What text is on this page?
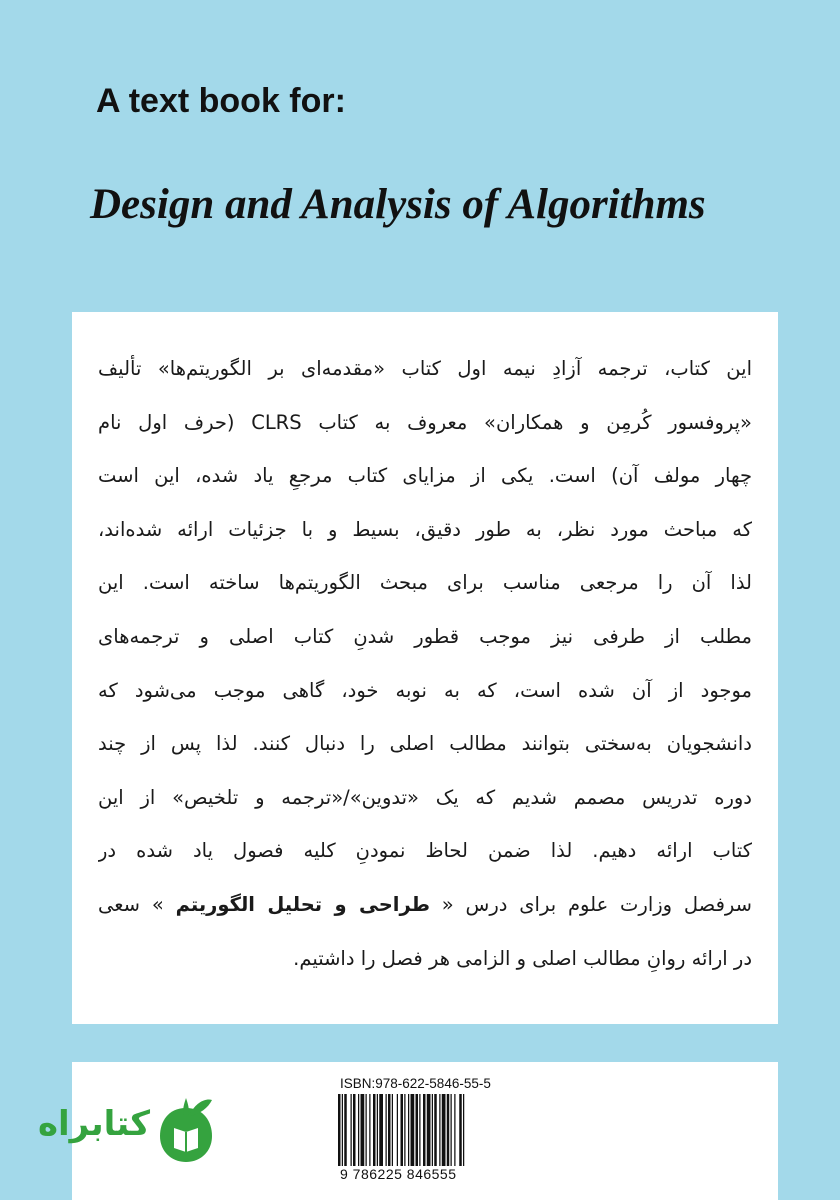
A text book for:
Design and Analysis of Algorithms
این کتاب، ترجمه آزادِ نیمه اول کتاب «مقدمه‌ای بر الگوریتم‌ها» تألیف
«پروفسور کُرمِن و همکاران» معروف به کتاب CLRS (حرف اول نام
چهار مولف آن) است. یکی از مزایای کتاب مرجعِ یاد شده، این است
که مباحث مورد نظر، به طور دقیق، بسیط و با جزئیات ارائه شده‌اند،
لذا آن را مرجعی مناسب برای مبحث الگوریتم‌ها ساخته است. این
مطلب از طرفی نیز موجب قطور شدنِ کتاب اصلی و ترجمه‌های
موجود از آن شده است، که به نوبه خود، گاهی موجب می‌شود که
دانشجویان به‌سختی بتوانند مطالب اصلی را دنبال کنند. لذا پس از چند
دوره تدریس مصمم شدیم که یک «تدوین»/«ترجمه و تلخیص» از این
کتاب ارائه دهیم. لذا ضمن لحاظ نمودنِ کلیه فصول یاد شده در
سرفصل وزارت علوم برای درس « طراحی و تحلیل الگوریتم » سعی
در ارائه روانِ مطالب اصلی و الزامی هر فصل را داشتیم.
ISBN:978-622-5846-55-5
9 786225 846555
کتابراه
